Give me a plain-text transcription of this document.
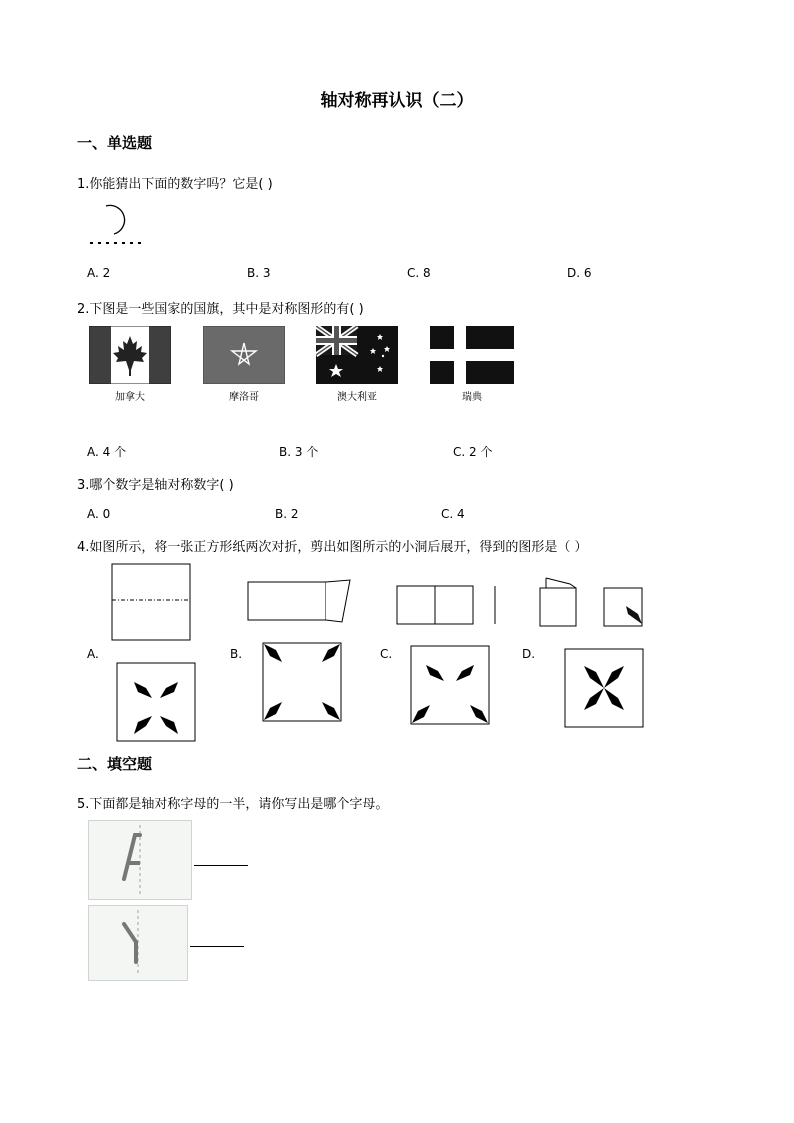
轴对称再认识（二）
一、单选题
1.你能猜出下面的数字吗？它是( )
A. 2	B. 3	C. 8	D. 6
2.下图是一些国家的国旗，其中是对称图形的有( )
加拿大	摩洛哥	澳大利亚	瑞典
A. 4 个	B. 3 个	C. 2 个
3.哪个数字是轴对称数字( )
A. 0	B. 2	C. 4
4.如图所示，将一张正方形纸两次对折，剪出如图所示的小洞后展开，得到的图形是（ ）
A.	B.	C.	D.
二、填空题
5.下面都是轴对称字母的一半，请你写出是哪个字母。
